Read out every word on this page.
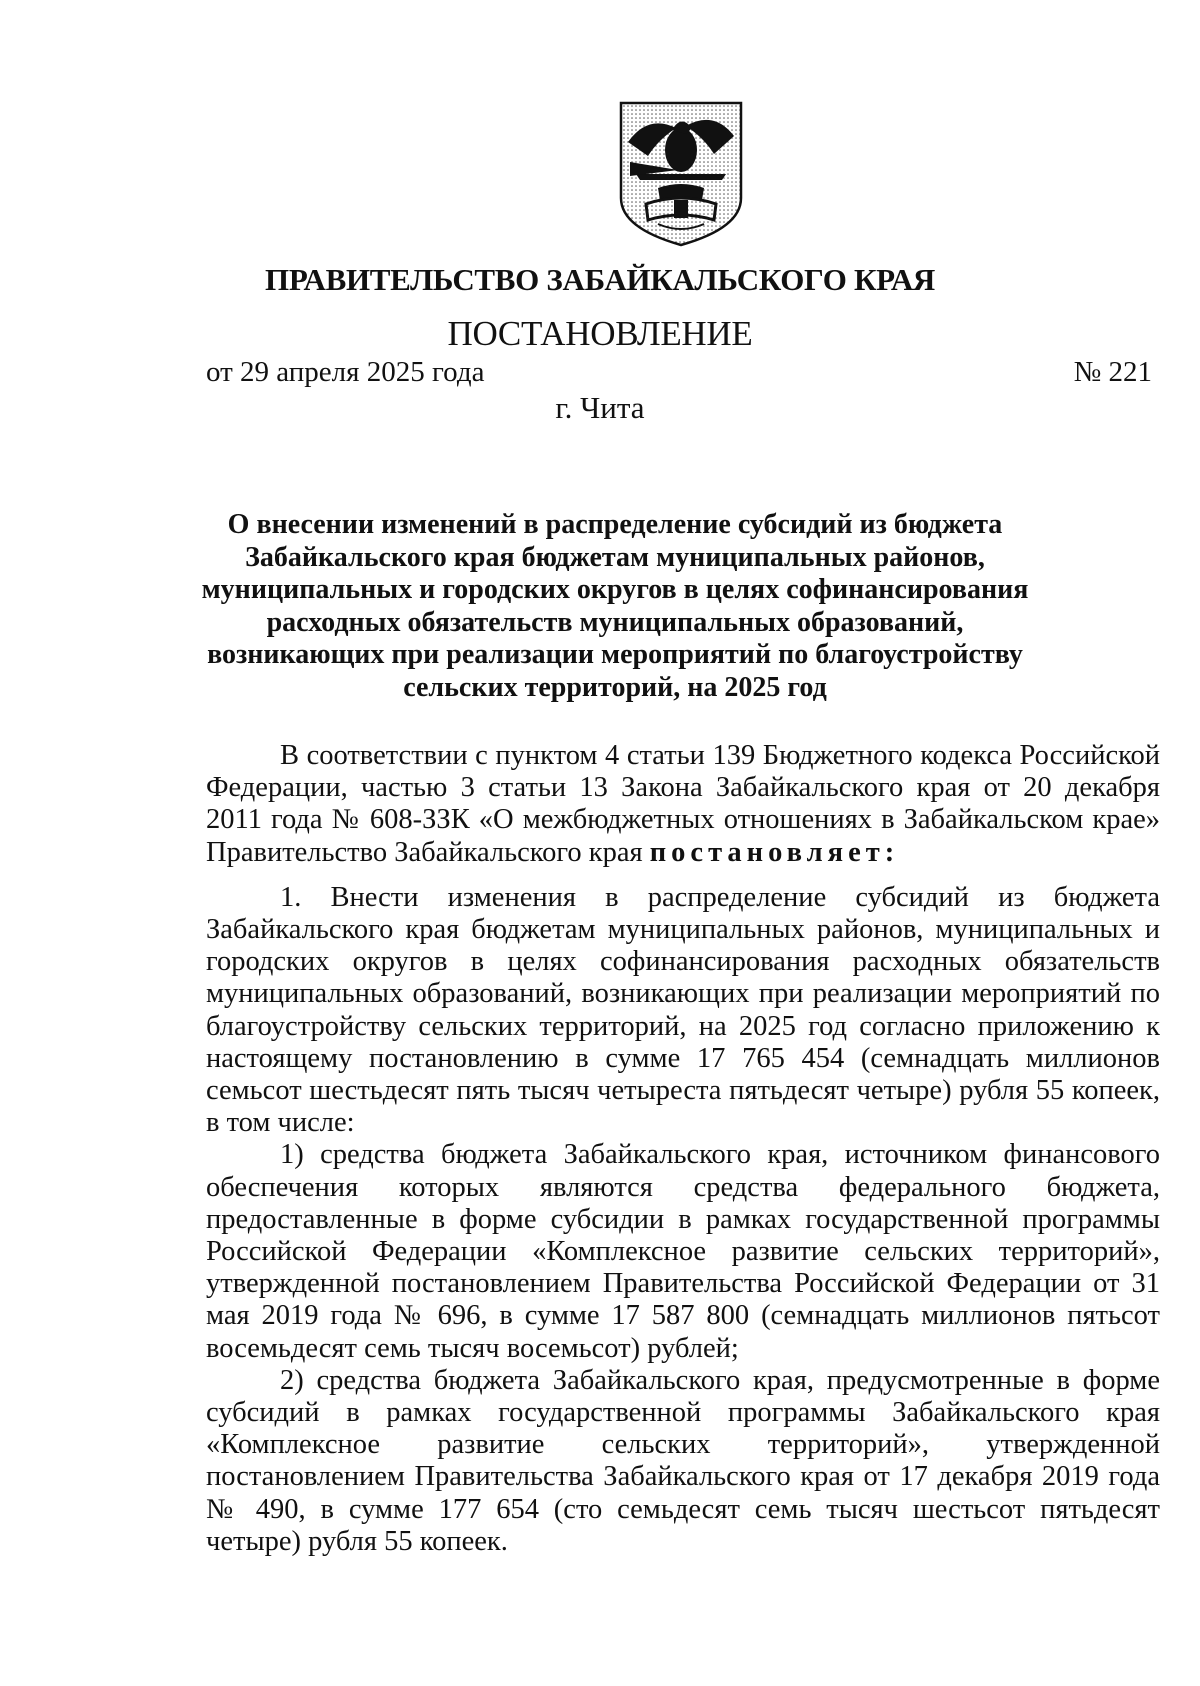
ПРАВИТЕЛЬСТВО ЗАБАЙКАЛЬСКОГО КРАЯ
ПОСТАНОВЛЕНИЕ
от 29 апреля 2025 года	№ 221
г. Чита
О внесении изменений в распределение субсидий из бюджета Забайкальского края бюджетам муниципальных районов, муниципальных и городских округов в целях софинансирования расходных обязательств муниципальных образований, возникающих при реализации мероприятий по благоустройству сельских территорий, на 2025 год

В соответствии с пунктом 4 статьи 139 Бюджетного кодекса Российской Федерации, частью 3 статьи 13 Закона Забайкальского края от 20 декабря 2011 года № 608-ЗЗК «О межбюджетных отношениях в Забайкальском крае» Правительство Забайкальского края постановляет:

1. Внести изменения в распределение субсидий из бюджета Забайкальского края бюджетам муниципальных районов, муниципальных и городских округов в целях софинансирования расходных обязательств муниципальных образований, возникающих при реализации мероприятий по благоустройству сельских территорий, на 2025 год согласно приложению к настоящему постановлению в сумме 17 765 454 (семнадцать миллионов семьсот шестьдесят пять тысяч четыреста пятьдесят четыре) рубля 55 копеек, в том числе:

1) средства бюджета Забайкальского края, источником финансового обеспечения которых являются средства федерального бюджета, предоставленные в форме субсидии в рамках государственной программы Российской Федерации «Комплексное развитие сельских территорий», утвержденной постановлением Правительства Российской Федерации от 31 мая 2019 года № 696, в сумме 17 587 800 (семнадцать миллионов пятьсот восемьдесят семь тысяч восемьсот) рублей;

2) средства бюджета Забайкальского края, предусмотренные в форме субсидий в рамках государственной программы Забайкальского края «Комплексное развитие сельских территорий», утвержденной постановлением Правительства Забайкальского края от 17 декабря 2019 года № 490, в сумме 177 654 (сто семьдесят семь тысяч шестьсот пятьдесят четыре) рубля 55 копеек.
